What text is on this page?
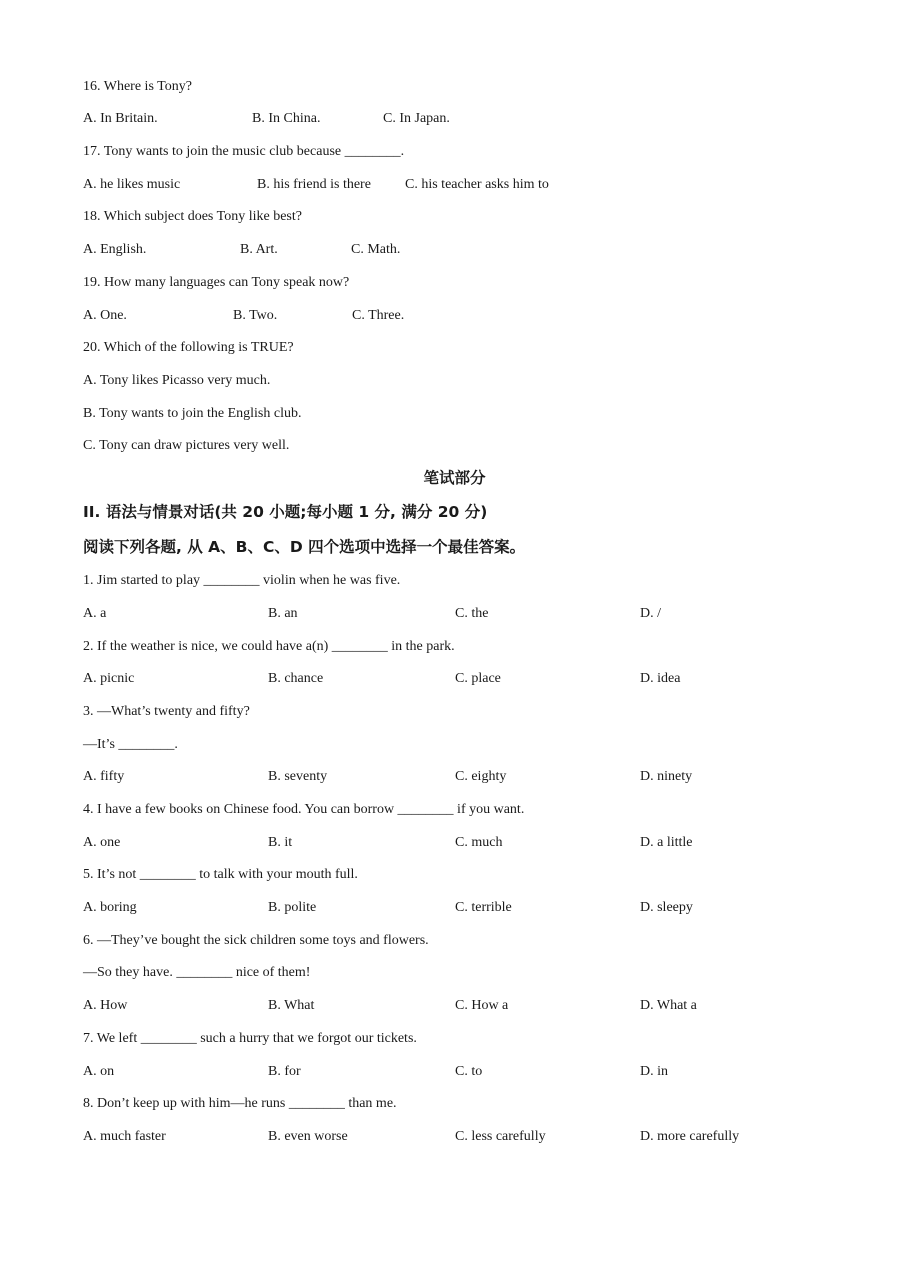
16. Where is Tony?
A. In Britain.	B. In China.	C. In Japan.
17. Tony wants to join the music club because ________.
A. he likes music	B. his friend is there C. his teacher asks him to
18. Which subject does Tony like best?
A. English.	B. Art.	C. Math.
19. How many languages can Tony speak now?
A. One.	B. Two.	C. Three.
20. Which of the following is TRUE?
A. Tony likes Picasso very much.
B. Tony wants to join the English club.
C. Tony can draw pictures very well.
笔试部分
II. 语法与情景对话(共 20 小题;每小题 1 分, 满分 20 分)
阅读下列各题, 从 A、B、C、D 四个选项中选择一个最佳答案。
1. Jim started to play ________ violin when he was five.
A. a	B. an	C. the	D. /
2. If the weather is nice, we could have a(n) ________ in the park.
A. picnic	B. chance	C. place	D. idea
3. —What’s twenty and fifty?
—It’s ________.
A. fifty	B. seventy	C. eighty	D. ninety
4. I have a few books on Chinese food. You can borrow ________ if you want.
A. one	B. it	C. much	D. a little
5. It’s not ________ to talk with your mouth full.
A. boring	B. polite	C. terrible	D. sleepy
6. —They’ve bought the sick children some toys and flowers.
—So they have. ________ nice of them!
A. How	B. What	C. How a	D. What a
7. We left ________ such a hurry that we forgot our tickets.
A. on	B. for	C. to	D. in
8. Don’t keep up with him—he runs ________ than me.
A. much faster	B. even worse	C. less carefully	D. more carefully
